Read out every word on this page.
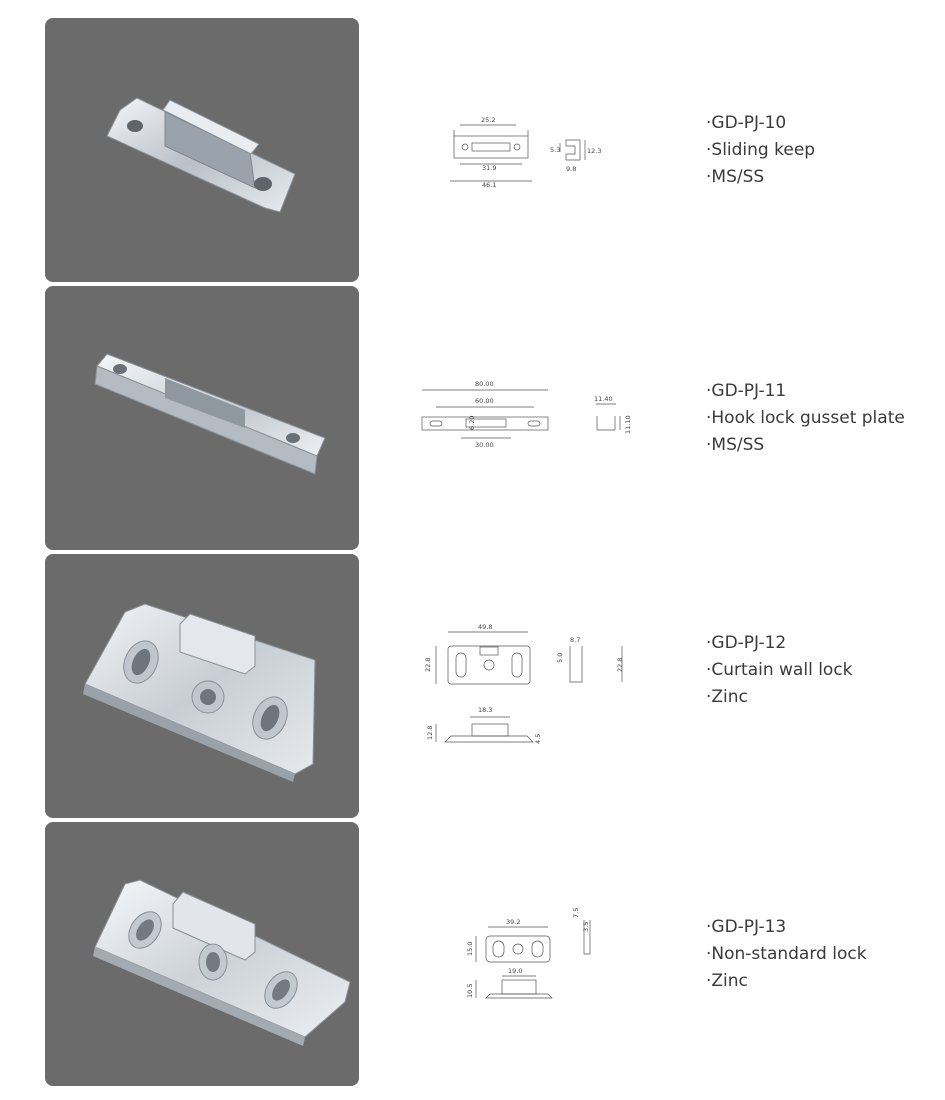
25.2
31.9
46.1
5.3	12.3
9.8
·GD-PJ-10
·Sliding keep
·MS/SS
80.00
60.00
6.20
30.00
11.40
11.10
·GD-PJ-11
·Hook lock gusset plate
·MS/SS
49.8
22.8
8.7
5.0	22.8
18.3
12.8	4.5
·GD-PJ-12
·Curtain wall lock
·Zinc
39.2
15.0
7.5
3.5
19.0
10.5
·GD-PJ-13
·Non-standard lock
·Zinc
